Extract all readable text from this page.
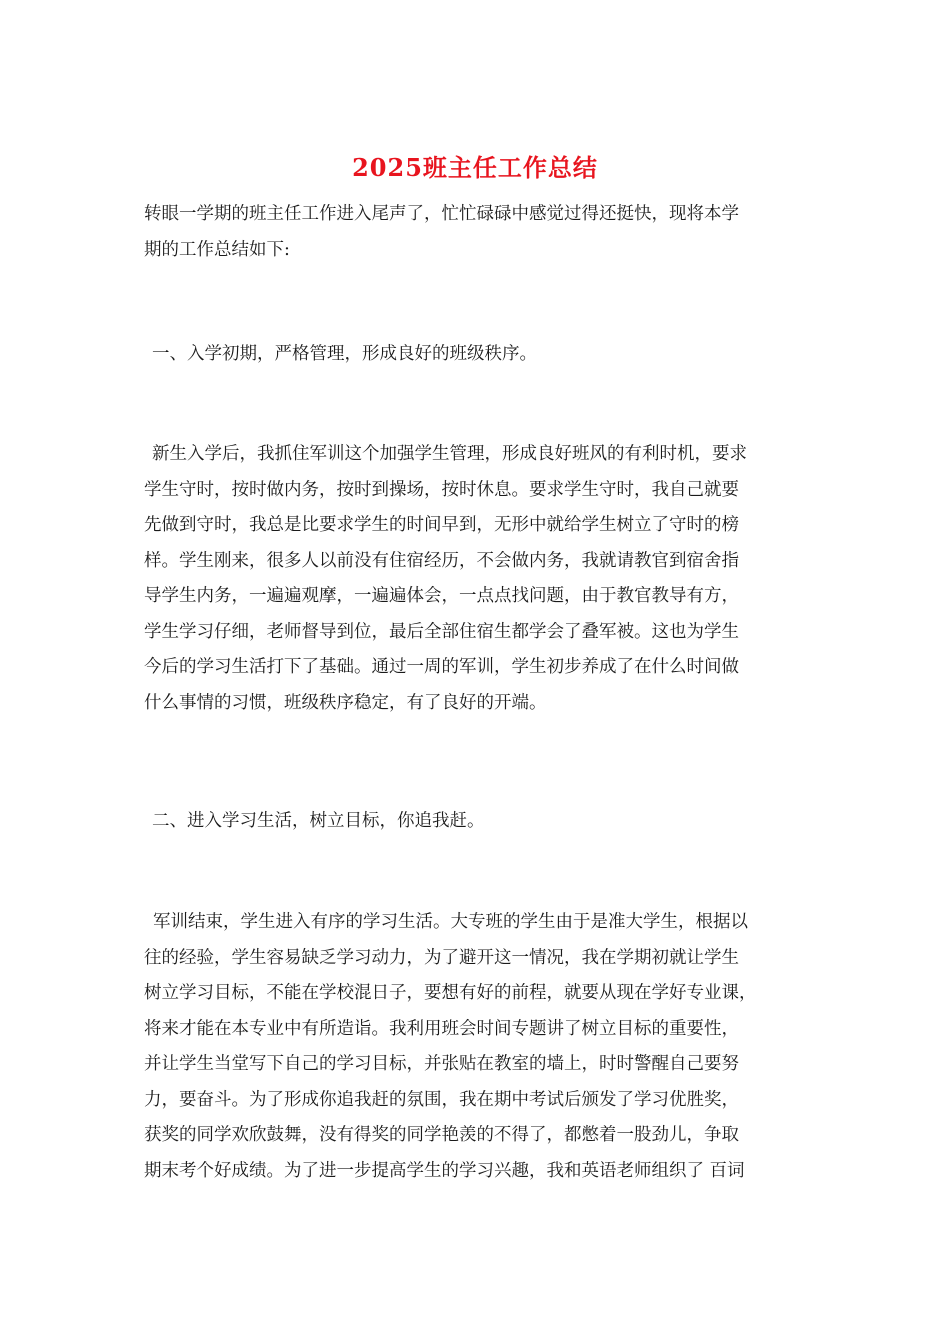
2025班主任工作总结
转眼一学期的班主任工作进入尾声了，忙忙碌碌中感觉过得还挺快，现将本学
期的工作总结如下:
一、入学初期，严格管理，形成良好的班级秩序。
新生入学后，我抓住军训这个加强学生管理，形成良好班风的有利时机，要求
学生守时，按时做内务，按时到操场，按时休息。要求学生守时，我自己就要
先做到守时，我总是比要求学生的时间早到，无形中就给学生树立了守时的榜
样。学生刚来，很多人以前没有住宿经历，不会做内务，我就请教官到宿舍指
导学生内务，一遍遍观摩，一遍遍体会，一点点找问题，由于教官教导有方，
学生学习仔细，老师督导到位，最后全部住宿生都学会了叠军被。这也为学生
今后的学习生活打下了基础。通过一周的军训，学生初步养成了在什么时间做
什么事情的习惯，班级秩序稳定，有了良好的开端。
二、进入学习生活，树立目标，你追我赶。
军训结束，学生进入有序的学习生活。大专班的学生由于是准大学生，根据以
往的经验，学生容易缺乏学习动力，为了避开这一情况，我在学期初就让学生
树立学习目标，不能在学校混日子，要想有好的前程，就要从现在学好专业课，
将来才能在本专业中有所造诣。我利用班会时间专题讲了树立目标的重要性，
并让学生当堂写下自己的学习目标，并张贴在教室的墙上，时时警醒自己要努
力，要奋斗。为了形成你追我赶的氛围，我在期中考试后颁发了学习优胜奖，
获奖的同学欢欣鼓舞，没有得奖的同学艳羡的不得了，都憋着一股劲儿，争取
期末考个好成绩。为了进一步提高学生的学习兴趣，我和英语老师组织了 百词
